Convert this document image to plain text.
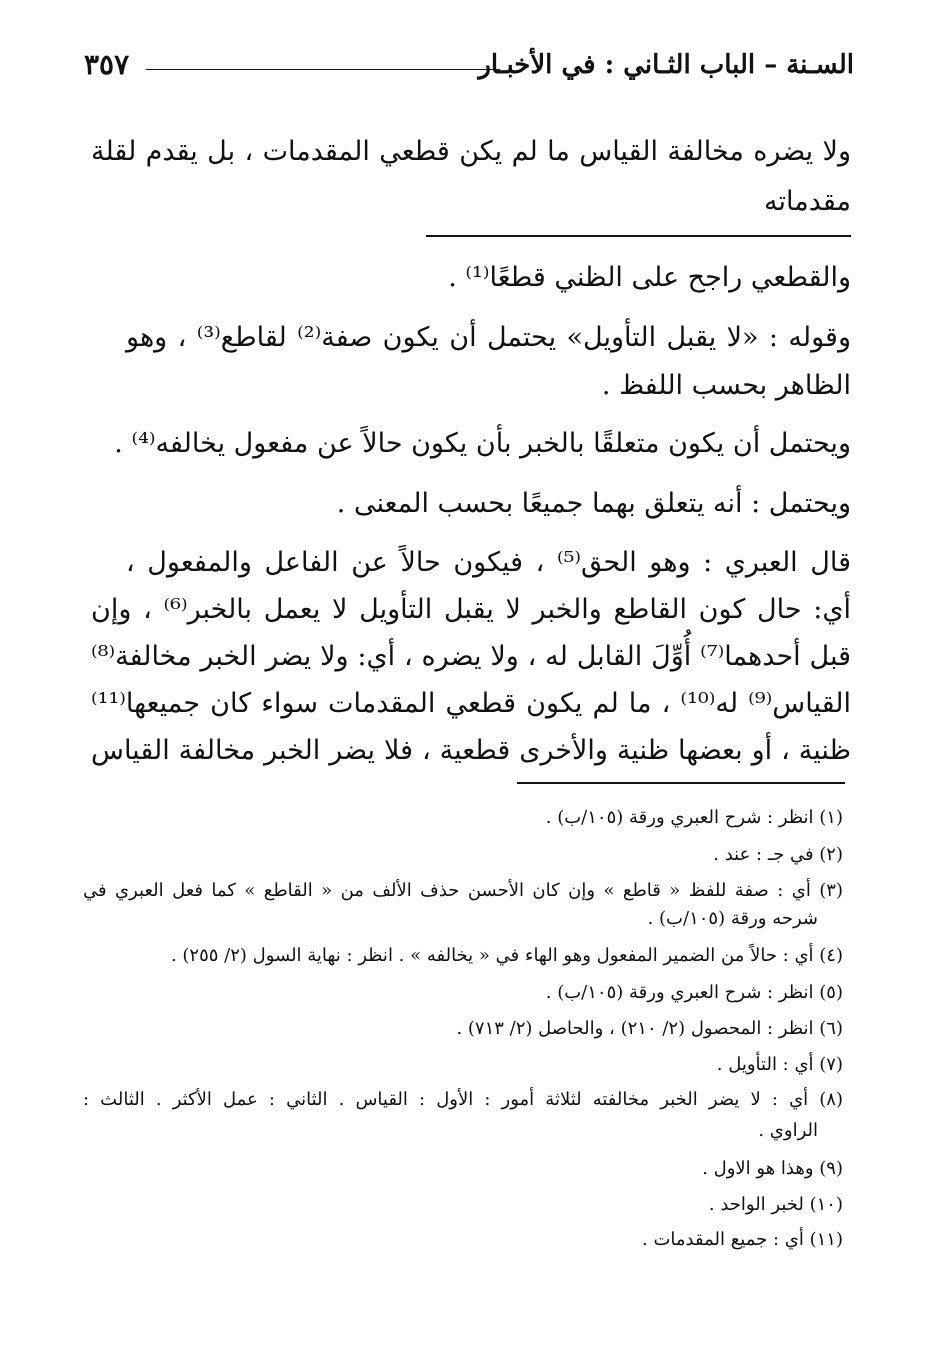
السـنة – الباب الثـاني : في الأخبـار
٣٥٧
ولا يضره مخالفة القياس ما لم يكن قطعي المقدمات ، بل يقدم لقلة
مقدماته
والقطعي راجح على الظني قطعًا⁽¹⁾ .
وقوله : «لا يقبل التأويل» يحتمل أن يكون صفة⁽²⁾ لقاطع⁽³⁾ ، وهو
الظاهر بحسب اللفظ .
ويحتمل أن يكون متعلقًا بالخبر بأن يكون حالاً عن مفعول يخالفه⁽⁴⁾ .
ويحتمل : أنه يتعلق بهما جميعًا بحسب المعنى .
قال العبري : وهو الحق⁽⁵⁾ ، فيكون حالاً عن الفاعل والمفعول ،
أي: حال كون القاطع والخبر لا يقبل التأويل لا يعمل بالخبر⁽⁶⁾ ، وإن
قبل أحدهما⁽⁷⁾ أُوِّلَ القابل له ، ولا يضره ، أي: ولا يضر الخبر مخالفة⁽⁸⁾
القياس⁽⁹⁾ له⁽¹⁰⁾ ، ما لم يكون قطعي المقدمات سواء كان جميعها⁽¹¹⁾
ظنية ، أو بعضها ظنية والأخرى قطعية ، فلا يضر الخبر مخالفة القياس
(١) انظر : شرح العبري ورقة (١٠٥/ب) .
(٢) في جـ : عند .
(٣) أي : صفة للفظ « قاطع » وإن كان الأحسن حذف الألف من « القاطع » كما فعل العبري في
شرحه ورقة (١٠٥/ب) .
(٤) أي : حالاً من الضمير المفعول وهو الهاء في « يخالفه » . انظر : نهاية السول (٢/ ٢٥٥) .
(٥) انظر : شرح العبري ورقة (١٠٥/ب) .
(٦) انظر : المحصول (٢/ ٢١٠) ، والحاصل (٢/ ٧١٣) .
(٧) أي : التأويل .
(٨) أي : لا يضر الخبر مخالفته لثلاثة أمور : الأول : القياس . الثاني : عمل الأكثر . الثالث :
الراوي .
(٩) وهذا هو الاول .
(١٠) لخبر الواحد .
(١١) أي : جميع المقدمات .
